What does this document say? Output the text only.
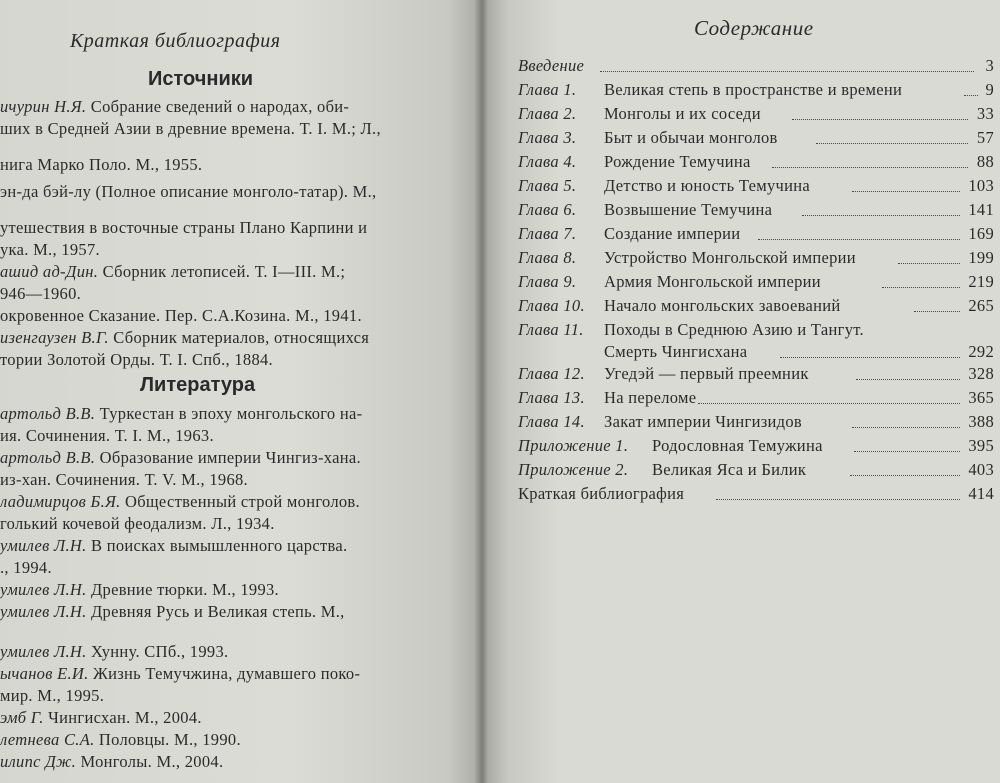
Краткая библиография
Источники
ичурин Н.Я. Собрание сведений о народах, оби-
ших в Средней Азии в древние времена. Т. I. М.; Л.,
нига Марко Поло. М., 1955.
эн-да бэй-лу (Полное описание монголо-татар). М.,
утешествия в восточные страны Плано Карпини и
ука. М., 1957.
ашид ад-Дин. Сборник летописей. Т. I—III. М.;
946—1960.
окровенное Сказание. Пер. С.А.Козина. М., 1941.
изенгаузен В.Г. Сборник материалов, относящихся
тории Золотой Орды. Т. I. Спб., 1884.
Литература
артольд В.В. Туркестан в эпоху монгольского на-
ия. Сочинения. Т. I. М., 1963.
артольд В.В. Образование империи Чингиз-хана.
из-хан. Сочинения. Т. V. М., 1968.
ладимирцов Б.Я. Общественный строй монголов.
голький кочевой феодализм. Л., 1934.
умилев Л.Н. В поисках вымышленного царства.
., 1994.
умилев Л.Н. Древние тюрки. М., 1993.
умилев Л.Н. Древняя Русь и Великая степь. М.,
умилев Л.Н. Хунну. СПб., 1993.
ычанов Е.И. Жизнь Темучжина, думавшего поко-
мир. М., 1995.
эмб Г. Чингисхан. М., 2004.
летнева С.А. Половцы. М., 1990.
илипс Дж. Монголы. М., 2004.
Содержание
Введение	3
Глава 1. Великая степь в пространстве и времени	9
Глава 2. Монголы и их соседи	33
Глава 3. Быт и обычаи монголов	57
Глава 4. Рождение Темучина	88
Глава 5. Детство и юность Темучина	103
Глава 6. Возвышение Темучина	141
Глава 7. Создание империи	169
Глава 8. Устройство Монгольской империи	199
Глава 9. Армия Монгольской империи	219
Глава 10. Начало монгольских завоеваний	265
Глава 11. Походы в Среднюю Азию и Тангут.
Смерть Чингисхана	292
Глава 12. Угедэй — первый преемник	328
Глава 13. На переломе	365
Глава 14. Закат империи Чингизидов	388
Приложение 1. Родословная Темужина	395
Приложение 2. Великая Яса и Билик	403
Краткая библиография	414
